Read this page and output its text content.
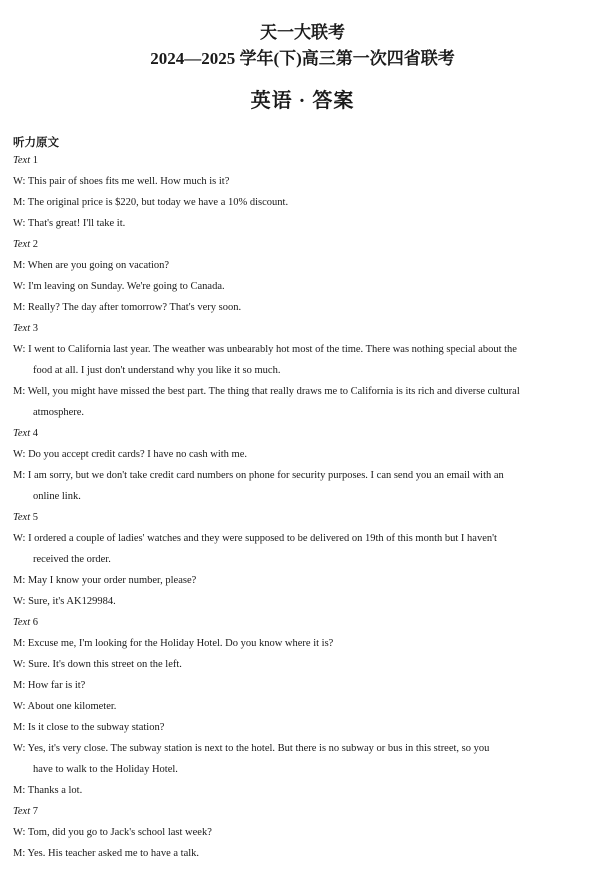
天一大联考
2024—2025 学年(下)高三第一次四省联考
英语 · 答案
听力原文
Text 1
W: This pair of shoes fits me well. How much is it?
M: The original price is $220, but today we have a 10% discount.
W: That's great! I'll take it.
Text 2
M: When are you going on vacation?
W: I'm leaving on Sunday. We're going to Canada.
M: Really? The day after tomorrow? That's very soon.
Text 3
W: I went to California last year. The weather was unbearably hot most of the time. There was nothing special about the
food at all. I just don't understand why you like it so much.
M: Well, you might have missed the best part. The thing that really draws me to California is its rich and diverse cultural
atmosphere.
Text 4
W: Do you accept credit cards? I have no cash with me.
M: I am sorry, but we don't take credit card numbers on phone for security purposes. I can send you an email with an
online link.
Text 5
W: I ordered a couple of ladies' watches and they were supposed to be delivered on 19th of this month but I haven't
received the order.
M: May I know your order number, please?
W: Sure, it's AK129984.
Text 6
M: Excuse me, I'm looking for the Holiday Hotel. Do you know where it is?
W: Sure. It's down this street on the left.
M: How far is it?
W: About one kilometer.
M: Is it close to the subway station?
W: Yes, it's very close. The subway station is next to the hotel. But there is no subway or bus in this street, so you
have to walk to the Holiday Hotel.
M: Thanks a lot.
Text 7
W: Tom, did you go to Jack's school last week?
M: Yes. His teacher asked me to have a talk.
